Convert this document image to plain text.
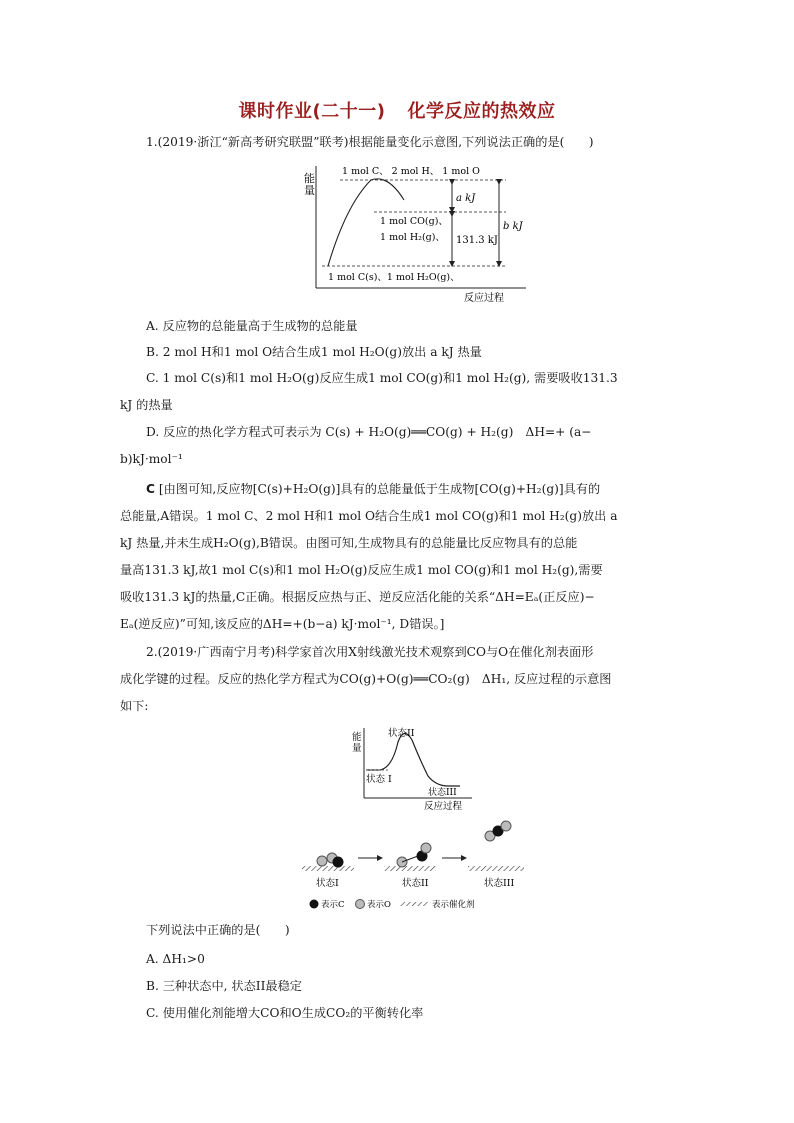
课时作业(二十一) 化学反应的热效应
1.(2019·浙江“新高考研究联盟”联考)根据能量变化示意图,下列说法正确的是(　　)
能
量
1 mol C、 2 mol H、 1 mol O
1 mol CO(g)、
1 mol H₂(g)、
1 mol C(s)、1 mol H₂O(g)、
a kJ
131.3 kJ
b kJ
反应过程
A. 反应物的总能量高于生成物的总能量
B. 2 mol H和1 mol O结合生成1 mol H₂O(g)放出 a kJ 热量
C. 1 mol C(s)和1 mol H₂O(g)反应生成1 mol CO(g)和1 mol H₂(g), 需要吸收131.3
kJ 的热量
D. 反应的热化学方程式可表示为 C(s) + H₂O(g)══CO(g) + H₂(g)　ΔH=+ (a−
b)kJ·mol⁻¹
C [由图可知,反应物[C(s)+H₂O(g)]具有的总能量低于生成物[CO(g)+H₂(g)]具有的
总能量,A错误。1 mol C、2 mol H和1 mol O结合生成1 mol CO(g)和1 mol H₂(g)放出 a
kJ 热量,并未生成H₂O(g),B错误。由图可知,生成物具有的总能量比反应物具有的总能
量高131.3 kJ,故1 mol C(s)和1 mol H₂O(g)反应生成1 mol CO(g)和1 mol H₂(g),需要
吸收131.3 kJ的热量,C正确。根据反应热与正、逆反应活化能的关系“ΔH=Eₐ(正反应)−
Eₐ(逆反应)”可知,该反应的ΔH=+(b−a) kJ·mol⁻¹, D错误。]
2.(2019·广西南宁月考)科学家首次用X射线激光技术观察到CO与O在催化剂表面形
成化学键的过程。反应的热化学方程式为CO(g)+O(g)══CO₂(g)　ΔH₁, 反应过程的示意图
如下:
能
量
状态II
状态 I
状态III
反应过程
状态I	状态II	状态III
表示C	表示O	表示催化剂
下列说法中正确的是(　　)
A. ΔH₁>0
B. 三种状态中, 状态II最稳定
C. 使用催化剂能增大CO和O生成CO₂的平衡转化率
